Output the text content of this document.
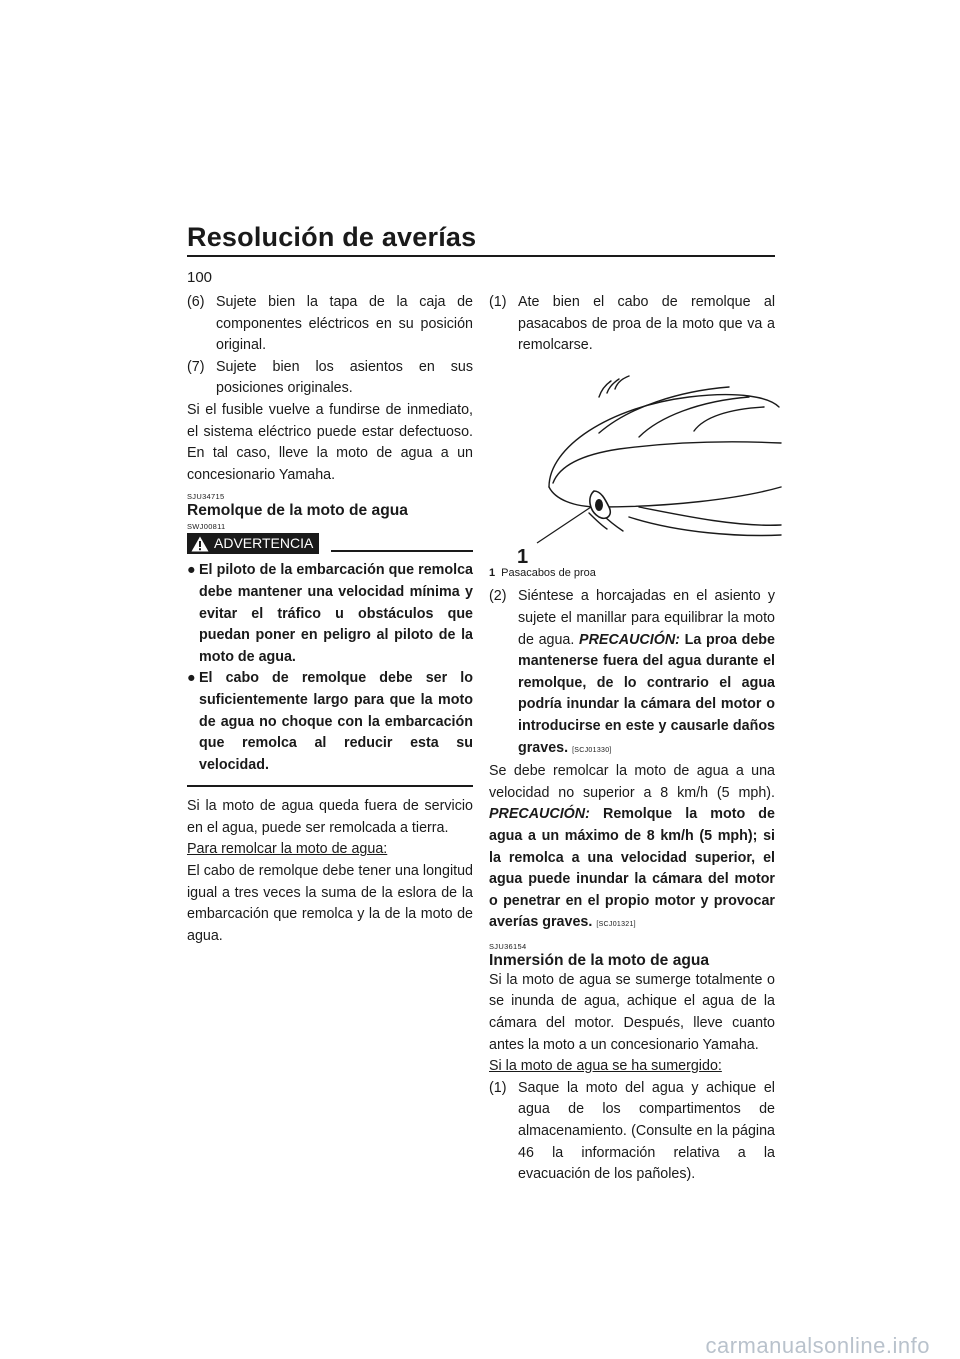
Resolución de averías
100
(6) Sujete bien la tapa de la caja de componentes eléctricos en su posición original.
(7) Sujete bien los asientos en sus posiciones originales.

Si el fusible vuelve a fundirse de inmediato, el sistema eléctrico puede estar defectuoso. En tal caso, lleve la moto de agua a un concesionario Yamaha.

SJU34715
Remolque de la moto de agua
SWJ00811
ADVERTENCIA
● El piloto de la embarcación que remolca debe mantener una velocidad mínima y evitar el tráfico u obstáculos que puedan poner en peligro al piloto de la moto de agua.
● El cabo de remolque debe ser lo suficientemente largo para que la moto de agua no choque con la embarcación que remolca al reducir esta su velocidad.

Si la moto de agua queda fuera de servicio en el agua, puede ser remolcada a tierra.

Para remolcar la moto de agua:

El cabo de remolque debe tener una longitud igual a tres veces la suma de la eslora de la embarcación que remolca y la de la moto de agua.

(1) Ate bien el cabo de remolque al pasacabos de proa de la moto que va a remolcarse.
1
1 Pasacabos de proa
(2) Siéntese a horcajadas en el asiento y sujete el manillar para equilibrar la moto de agua. PRECAUCIÓN: La proa debe mantenerse fuera del agua durante el remolque, de lo contrario el agua podría inundar la cámara del motor o introducirse en este y causarle daños graves. [SCJ01330]

Se debe remolcar la moto de agua a una velocidad no superior a 8 km/h (5 mph). PRECAUCIÓN: Remolque la moto de agua a un máximo de 8 km/h (5 mph); si la remolca a una velocidad superior, el agua puede inundar la cámara del motor o penetrar en el propio motor y provocar averías graves. [SCJ01321]

SJU36154
Inmersión de la moto de agua

Si la moto de agua se sumerge totalmente o se inunda de agua, achique el agua de la cámara del motor. Después, lleve cuanto antes la moto a un concesionario Yamaha.

Si la moto de agua se ha sumergido:

(1) Saque la moto del agua y achique el agua de los compartimentos de almacenamiento. (Consulte en la página 46 la información relativa a la evacuación de los pañoles).
carmanualsonline.info
